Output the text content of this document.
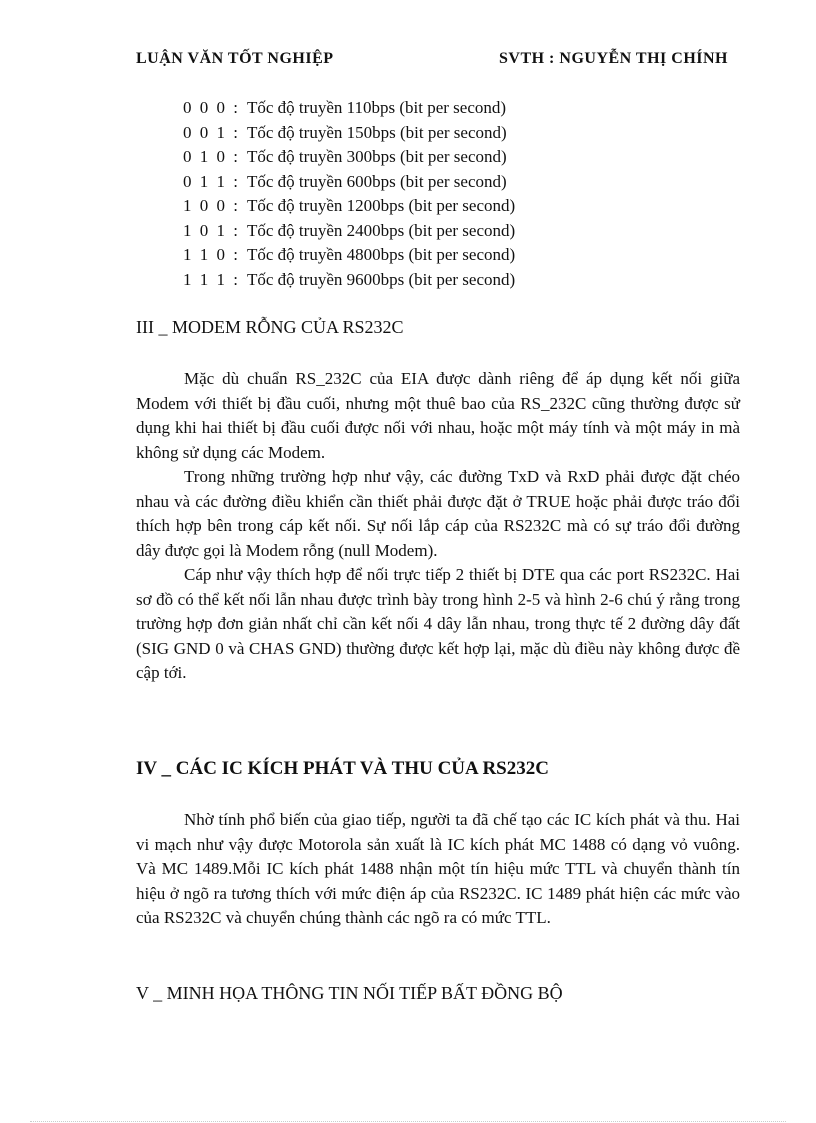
LUẬN VĂN TỐT NGHIỆP	SVTH : NGUYỄN THỊ CHÍNH
0 0 0 : Tốc độ truyền 110bps (bit per second)
0 0 1 : Tốc độ truyền 150bps (bit per second)
0 1 0 : Tốc độ truyền 300bps (bit per second)
0 1 1 : Tốc độ truyền 600bps (bit per second)
1 0 0 : Tốc độ truyền 1200bps (bit per second)
1 0 1 : Tốc độ truyền 2400bps (bit per second)
1 1 0 : Tốc độ truyền 4800bps (bit per second)
1 1 1 : Tốc độ truyền 9600bps (bit per second)
III _ MODEM RỖNG CỦA RS232C

Mặc dù chuẩn RS_232C của EIA được dành riêng để áp dụng kết nối giữa Modem với thiết bị đầu cuối, nhưng một thuê bao của RS_232C cũng thường được sử dụng khi hai thiết bị đầu cuối được nối với nhau, hoặc một máy tính và một máy in mà không sử dụng các Modem.

Trong những trường hợp như vậy, các đường TxD và RxD phải được đặt chéo nhau và các đường điều khiển cần thiết phải được đặt ở TRUE hoặc phải được tráo đổi thích hợp bên trong cáp kết nối. Sự nối lắp cáp của RS232C mà có sự tráo đổi đường dây được gọi là Modem rỗng (null Modem).

Cáp như vậy thích hợp để nối trực tiếp 2 thiết bị DTE qua các port RS232C. Hai sơ đồ có thể kết nối lẫn nhau được trình bày trong hình 2-5 và hình 2-6 chú ý rằng trong trường hợp đơn giản nhất chỉ cần kết nối 4 dây lẫn nhau, trong thực tế 2 đường dây đất (SIG GND 0 và CHAS GND) thường được kết hợp lại, mặc dù điều này không được đề cập tới.

IV _ CÁC IC KÍCH PHÁT VÀ THU CỦA RS232C

Nhờ tính phổ biến của giao tiếp, người ta đã chế tạo các IC kích phát và thu. Hai vi mạch như vậy được Motorola sản xuất là IC kích phát MC 1488 có dạng vỏ vuông. Và MC 1489.Mỗi IC kích phát 1488 nhận một tín hiệu mức TTL và chuyển thành tín hiệu ở ngõ ra tương thích với mức điện áp của RS232C. IC 1489 phát hiện các mức vào của RS232C và chuyển chúng thành các ngõ ra có mức TTL.

V _ MINH HỌA THÔNG TIN NỐI TIẾP BẤT ĐỒNG BỘ
